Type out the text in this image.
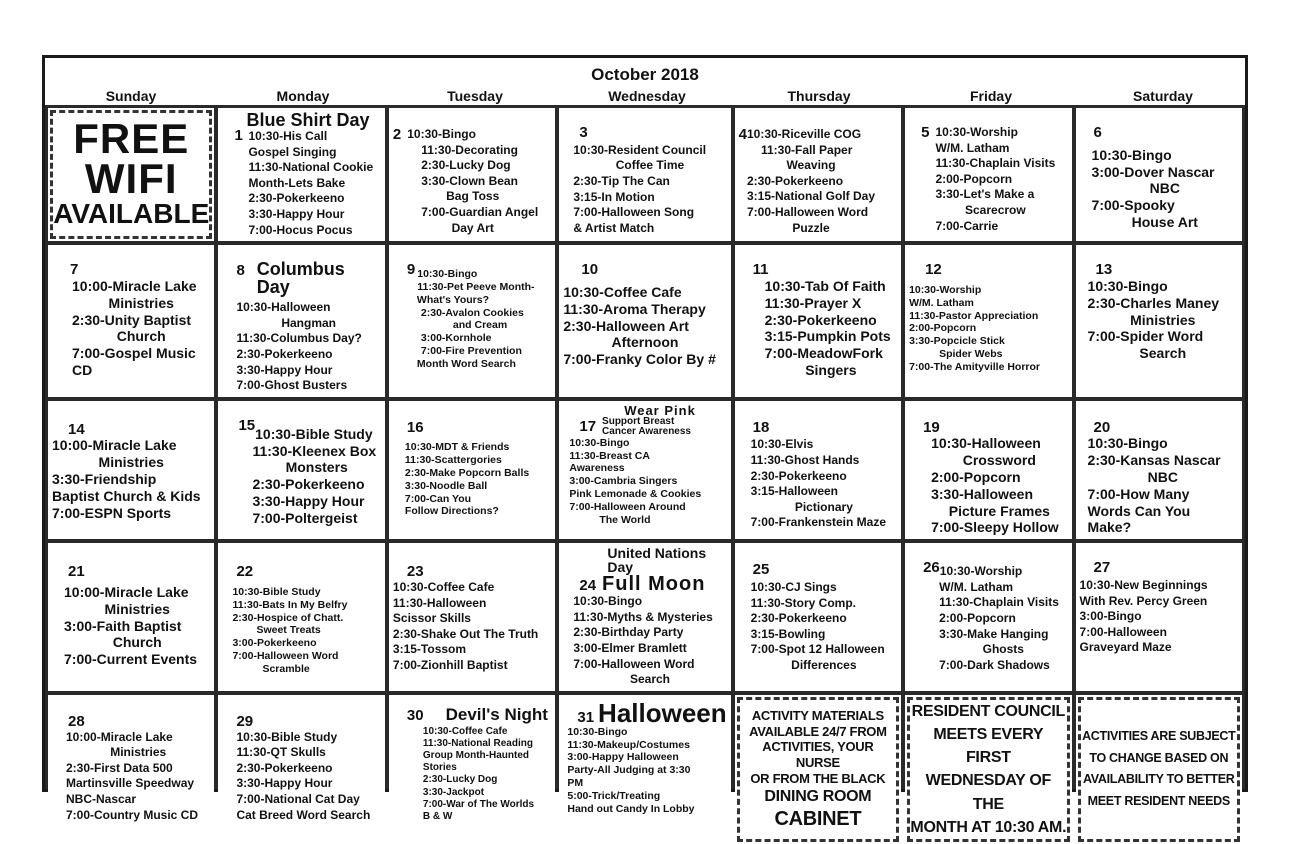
October 2018
Sunday	Monday	Tuesday	Wednesday	Thursday	Friday	Saturday
FREE
WIFI
AVAILABLE
Blue Shirt Day
1 10:30-His Call
Gospel Singing
11:30-National Cookie
Month-Lets Bake
2:30-Pokerkeeno
3:30-Happy Hour
7:00-Hocus Pocus
2 10:30-Bingo
11:30-Decorating
2:30-Lucky Dog
3:30-Clown Bean
Bag Toss
7:00-Guardian Angel
Day Art
3
10:30-Resident Council
Coffee Time
2:30-Tip The Can
3:15-In Motion
7:00-Halloween Song
& Artist Match
4 10:30-Riceville COG
11:30-Fall Paper
Weaving
2:30-Pokerkeeno
3:15-National Golf Day
7:00-Halloween Word
Puzzle
5 10:30-Worship
W/M. Latham
11:30-Chaplain Visits
2:00-Popcorn
3:30-Let's Make a
Scarecrow
7:00-Carrie
6
10:30-Bingo
3:00-Dover Nascar
NBC
7:00-Spooky
House Art
7
10:00-Miracle Lake
Ministries
2:30-Unity Baptist
Church
7:00-Gospel Music
CD
8 Columbus Day
10:30-Halloween
Hangman
11:30-Columbus Day?
2:30-Pokerkeeno
3:30-Happy Hour
7:00-Ghost Busters
9 10:30-Bingo
11:30-Pet Peeve Month-
What's Yours?
2:30-Avalon Cookies
and Cream
3:00-Kornhole
7:00-Fire Prevention
Month Word Search
10
10:30-Coffee Cafe
11:30-Aroma Therapy
2:30-Halloween Art
Afternoon
7:00-Franky Color By #
11
10:30-Tab Of Faith
11:30-Prayer X
2:30-Pokerkeeno
3:15-Pumpkin Pots
7:00-MeadowFork
Singers
12
10:30-Worship
W/M. Latham
11:30-Pastor Appreciation
2:00-Popcorn
3:30-Popcicle Stick
Spider Webs
7:00-The Amityville Horror
13
10:30-Bingo
2:30-Charles Maney
Ministries
7:00-Spider Word
Search
14
10:00-Miracle Lake
Ministries
3:30-Friendship
Baptist Church & Kids
7:00-ESPN Sports
15 10:30-Bible Study
11:30-Kleenex Box
Monsters
2:30-Pokerkeeno
3:30-Happy Hour
7:00-Poltergeist
16
10:30-MDT & Friends
11:30-Scattergories
2:30-Make Popcorn Balls
3:30-Noodle Ball
7:00-Can You
Follow Directions?
Wear Pink
17 Support Breast
Cancer Awareness
10:30-Bingo
11:30-Breast CA
Awareness
3:00-Cambria Singers
Pink Lemonade & Cookies
7:00-Halloween Around
The World
18
10:30-Elvis
11:30-Ghost Hands
2:30-Pokerkeeno
3:15-Halloween
Pictionary
7:00-Frankenstein Maze
19
10:30-Halloween
Crossword
2:00-Popcorn
3:30-Halloween
Picture Frames
7:00-Sleepy Hollow
20
10:30-Bingo
2:30-Kansas Nascar
NBC
7:00-How Many
Words Can You
Make?
21
10:00-Miracle Lake
Ministries
3:00-Faith Baptist
Church
7:00-Current Events
22
10:30-Bible Study
11:30-Bats In My Belfry
2:30-Hospice of Chatt.
Sweet Treats
3:00-Pokerkeeno
7:00-Halloween Word
Scramble
23
10:30-Coffee Cafe
11:30-Halloween
Scissor Skills
2:30-Shake Out The Truth
3:15-Tossom
7:00-Zionhill Baptist
United Nations Day
24 Full Moon
10:30-Bingo
11:30-Myths & Mysteries
2:30-Birthday Party
3:00-Elmer Bramlett
7:00-Halloween Word
Search
25
10:30-CJ Sings
11:30-Story Comp.
2:30-Pokerkeeno
3:15-Bowling
7:00-Spot 12 Halloween
Differences
26 10:30-Worship
W/M. Latham
11:30-Chaplain Visits
2:00-Popcorn
3:30-Make Hanging
Ghosts
7:00-Dark Shadows
27
10:30-New Beginnings
With Rev. Percy Green
3:00-Bingo
7:00-Halloween
Graveyard Maze
28
10:00-Miracle Lake
Ministries
2:30-First Data 500
Martinsville Speedway
NBC-Nascar
7:00-Country Music CD
29
10:30-Bible Study
11:30-QT Skulls
2:30-Pokerkeeno
3:30-Happy Hour
7:00-National Cat Day
Cat Breed Word Search
30 Devil's Night
10:30-Coffee Cafe
11:30-National Reading
Group Month-Haunted
Stories
2:30-Lucky Dog
3:30-Jackpot
7:00-War of The Worlds
B & W
31 Halloween
10:30-Bingo
11:30-Makeup/Costumes
3:00-Happy Halloween
Party-All Judging at 3:30
PM
5:00-Trick/Treating
Hand out Candy In Lobby
ACTIVITY MATERIALS
AVAILABLE 24/7 FROM
ACTIVITIES, YOUR NURSE
OR FROM THE BLACK
DINING ROOM
CABINET
RESIDENT COUNCIL
MEETS EVERY FIRST
WEDNESDAY OF THE
MONTH AT 10:30 AM.
ACTIVITIES ARE SUBJECT
TO CHANGE BASED ON
AVAILABILITY TO BETTER
MEET RESIDENT NEEDS
